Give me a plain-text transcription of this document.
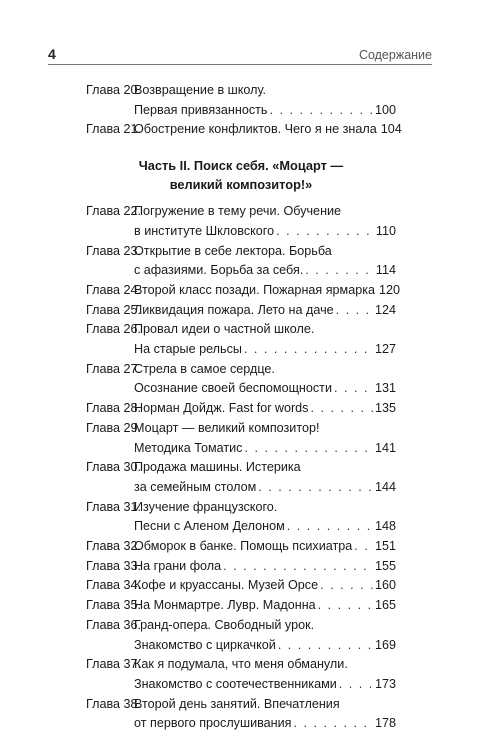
4	Содержание
Глава 20.
Возвращение в школу.
Первая привязанность . . .	100
Глава 21.
Обострение конфликтов. Чего я не знала 104
Часть II. Поиск себя. «Моцарт —
великий композитор!»
Глава 22.
Погружение в тему речи. Обучение
в институте Шкловского . . .	110
Глава 23.
Открытие в себе лектора. Борьба
с афазиями. Борьба за себя. . . .	114
Глава 24.
Второй класс позади. Пожарная ярмарка 120
Глава 25.
Ликвидация пожара. Лето на даче . . .	124
Глава 26.
Провал идеи о частной школе.
На старые рельсы . . .	127
Глава 27.
Стрела в самое сердце.
Осознание своей беспомощности . . .	131
Глава 28.
Норман Дойдж. Fast for words . . .	135
Глава 29.
Моцарт — великий композитор!
Методика Томатис . . .	141
Глава 30.
Продажа машины. Истерика
за семейным столом . . .	144
Глава 31.
Изучение французского.
Песни с Аленом Делоном . . .	148
Глава 32.
Обморок в банке. Помощь психиатра . . . 151
Глава 33.
На грани фола . . .	155
Глава 34.
Кофе и круассаны. Музей Орсе . . .	160
Глава 35.
На Монмартре. Лувр. Мадонна . . .	165
Глава 36.
Гранд-опера. Свободный урок.
Знакомство с циркачкой . . .	169
Глава 37.
Как я подумала, что меня обманули.
Знакомство с соотечественниками . . .	173
Глава 38.
Второй день занятий. Впечатления
от первого прослушивания . . .	178
